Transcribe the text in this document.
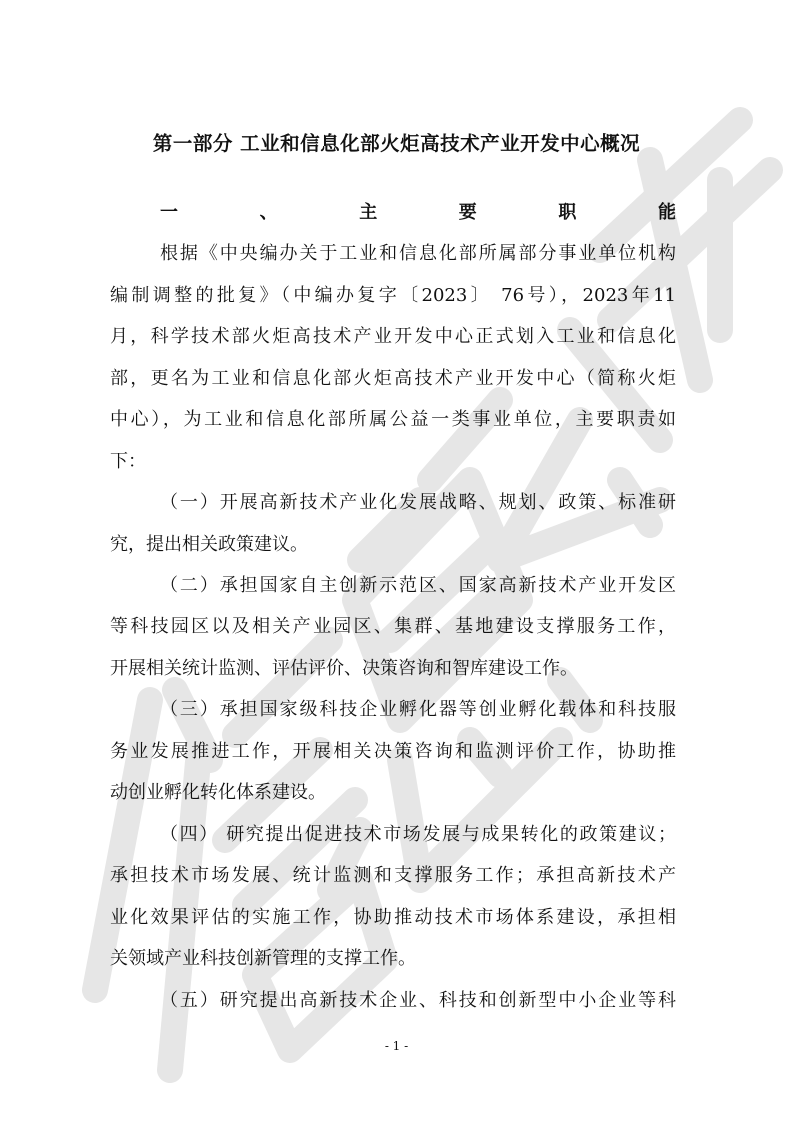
第一部分 工业和信息化部火炬高技术产业开发中心概况
一、主要职能
根据《中央编办关于工业和信息化部所属部分事业单位机构
编制调整的批复》（中编办复字〔2023〕 76号），2023年11
月，科学技术部火炬高技术产业开发中心正式划入工业和信息化
部，更名为工业和信息化部火炬高技术产业开发中心（简称火炬
中心），为工业和信息化部所属公益一类事业单位，主要职责如
下：
（一）开展高新技术产业化发展战略、规划、政策、标准研
究，提出相关政策建议。
（二）承担国家自主创新示范区、国家高新技术产业开发区
等科技园区以及相关产业园区、集群、基地建设支撑服务工作，
开展相关统计监测、评估评价、决策咨询和智库建设工作。
（三）承担国家级科技企业孵化器等创业孵化载体和科技服
务业发展推进工作，开展相关决策咨询和监测评价工作，协助推
动创业孵化转化体系建设。
（四） 研究提出促进技术市场发展与成果转化的政策建议；
承担技术市场发展、统计监测和支撑服务工作；承担高新技术产
业化效果评估的实施工作，协助推动技术市场体系建设，承担相
关领域产业科技创新管理的支撑工作。
（五）研究提出高新技术企业、科技和创新型中小企业等科
- 1 -
